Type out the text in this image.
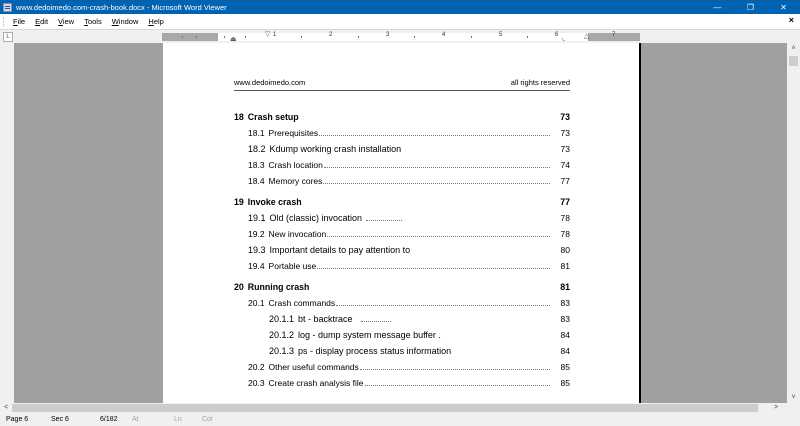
www.dedoimedo.com-crash-book.docx - Microsoft Word Viewer	—	❐	✕
File	Edit	View	Tools	Window	Help	×
L	⏏
▽ 1	2	3	4	5	6	7
⌞	△
www.dedoimedo.com	all rights reserved
18 Crash setup	73
18.1 Prerequisites	73
18.2 Kdump working crash installation	73
18.3 Crash location	74
18.4 Memory cores	77
19 Invoke crash	77
19.1 Old (classic) invocation	78
19.2 New invocation	78
19.3 Important details to pay attention to	80
19.4 Portable use	81
20 Running crash	81
20.1 Crash commands	83
20.1.1 bt - backtrace	83
20.1.2 log - dump system message buffer .	84
20.1.3 ps - display process status information	84
20.2 Other useful commands	85
20.3 Create crash analysis file	85
˄
˅
<	>
Page 6	Sec 6	6/182 At	Ln	Col
